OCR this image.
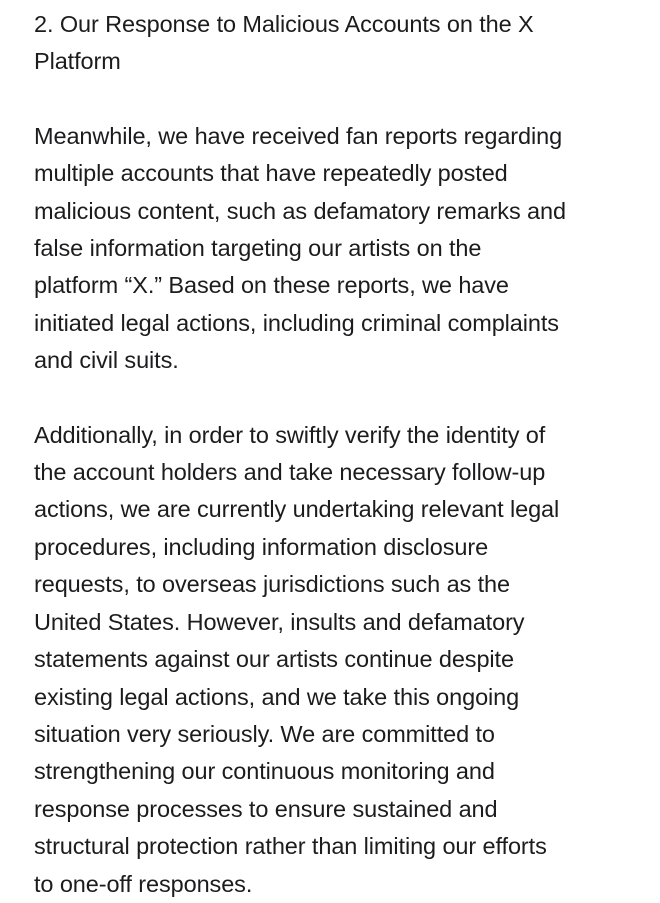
2. Our Response to Malicious Accounts on the X
Platform

Meanwhile, we have received fan reports regarding
multiple accounts that have repeatedly posted
malicious content, such as defamatory remarks and
false information targeting our artists on the
platform “X.” Based on these reports, we have
initiated legal actions, including criminal complaints
and civil suits.

Additionally, in order to swiftly verify the identity of
the account holders and take necessary follow-up
actions, we are currently undertaking relevant legal
procedures, including information disclosure
requests, to overseas jurisdictions such as the
United States. However, insults and defamatory
statements against our artists continue despite
existing legal actions, and we take this ongoing
situation very seriously. We are committed to
strengthening our continuous monitoring and
response processes to ensure sustained and
structural protection rather than limiting our efforts
to one-off responses.
